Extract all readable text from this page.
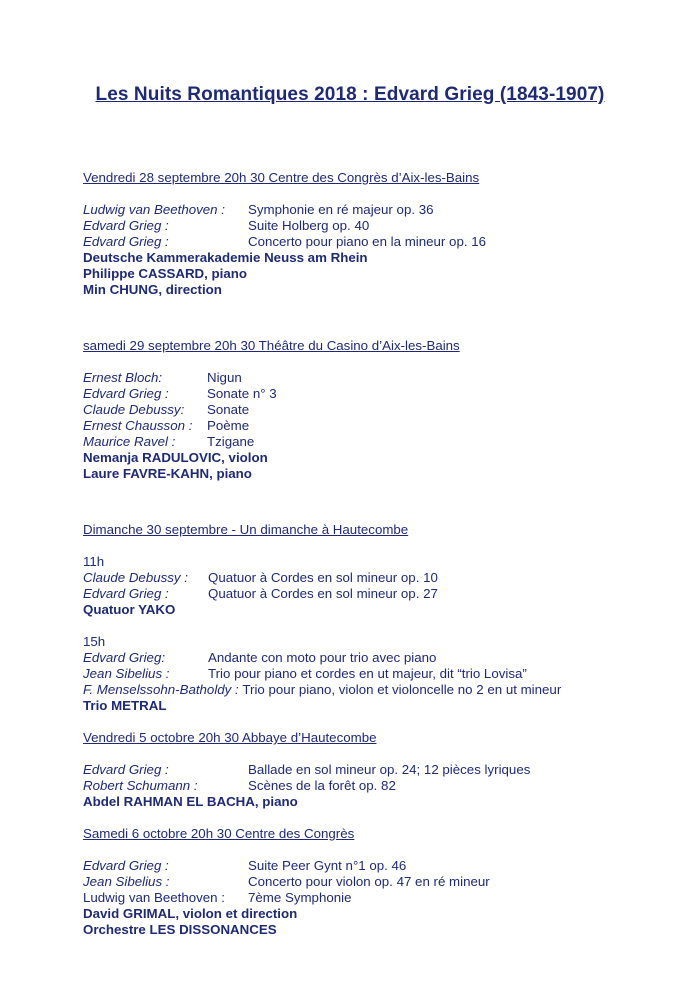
Les Nuits Romantiques 2018 : Edvard Grieg (1843-1907)
Vendredi 28 septembre 20h 30 Centre des Congrès d’Aix-les-Bains
Ludwig van Beethoven : Symphonie en ré majeur op. 36
Edvard Grieg :	Suite Holberg op. 40
Edvard Grieg :	Concerto pour piano en la mineur op. 16
Deutsche Kammerakademie Neuss am Rhein
Philippe CASSARD, piano
Min CHUNG, direction
samedi 29 septembre 20h 30 Théâtre du Casino d’Aix-les-Bains
Ernest Bloch:	Nigun
Edvard Grieg :	Sonate n° 3
Claude Debussy: Sonate
Ernest Chausson : Poème
Maurice Ravel : Tzigane
Nemanja RADULOVIC, violon
Laure FAVRE-KAHN, piano
Dimanche 30 septembre - Un dimanche à Hautecombe
11h
Claude Debussy : Quatuor à Cordes en sol mineur op. 10
Edvard Grieg :	Quatuor à Cordes en sol mineur op. 27
Quatuor YAKO
15h
Edvard Grieg:	Andante con moto pour trio avec piano
Jean Sibelius :	Trio pour piano et cordes en ut majeur, dit “trio Lovisa”
F. Menselssohn-Batholdy : Trio pour piano, violon et violoncelle no 2 en ut mineur
Trio METRAL
Vendredi 5 octobre 20h 30 Abbaye d’Hautecombe
Edvard Grieg :	Ballade en sol mineur op. 24; 12 pièces lyriques
Robert Schumann :	Scènes de la forêt op. 82
Abdel RAHMAN EL BACHA, piano
Samedi 6 octobre 20h 30 Centre des Congrès
Edvard Grieg :	Suite Peer Gynt n°1 op. 46
Jean Sibelius :	Concerto pour violon op. 47 en ré mineur
Ludwig van Beethoven : 7ème Symphonie
David GRIMAL, violon et direction
Orchestre LES DISSONANCES
